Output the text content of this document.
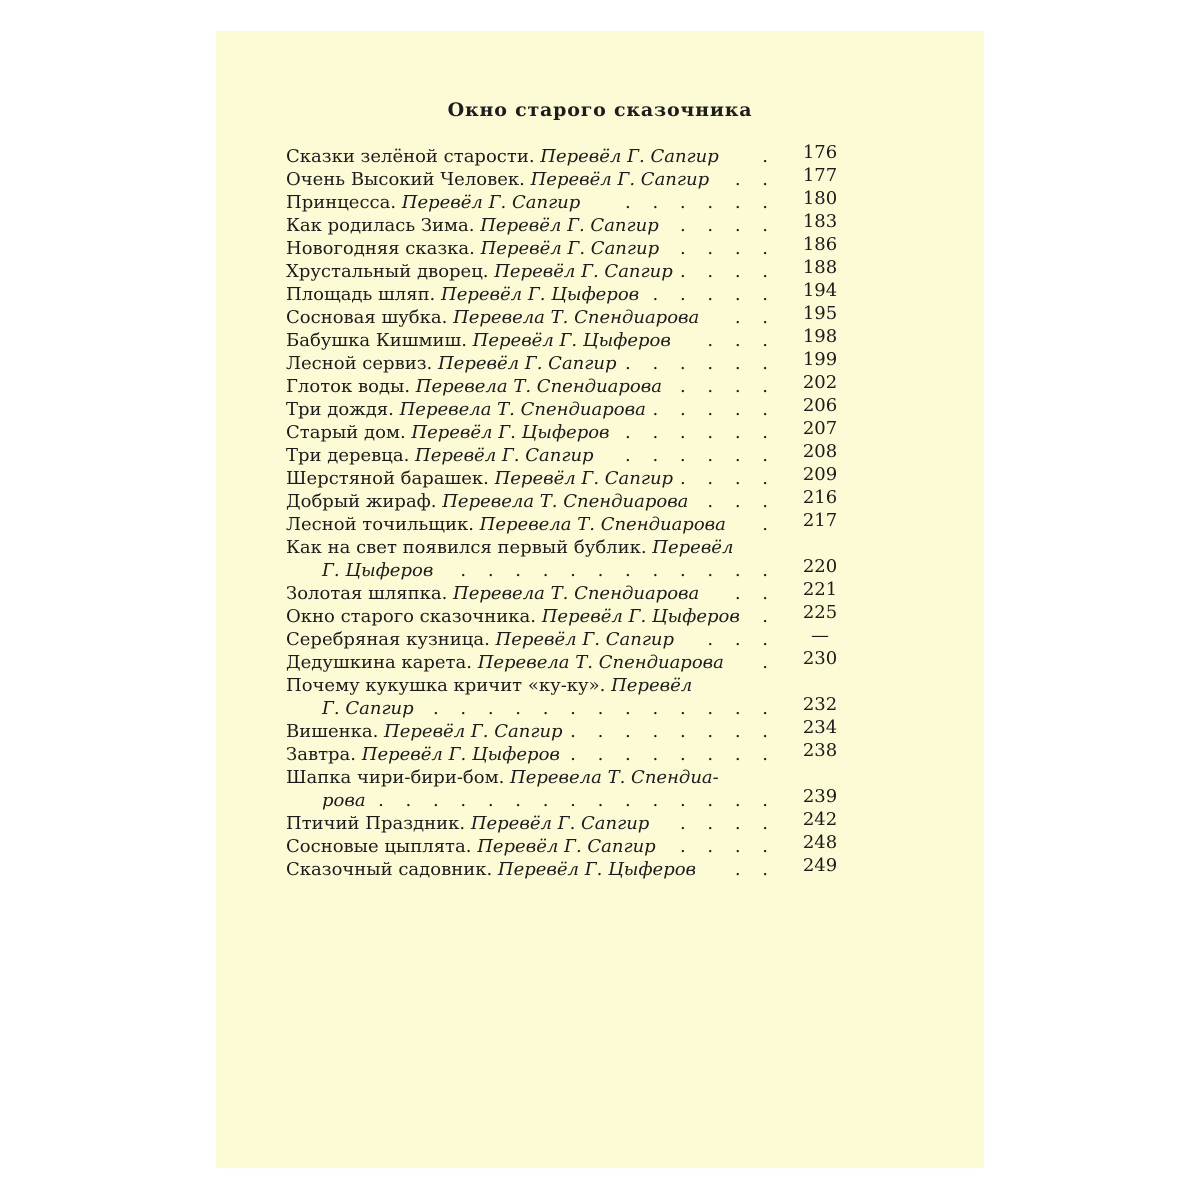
Окно старого сказочника
Сказки зелёной старости. Перевёл Г. Сапгир . 176
Очень Высокий Человек. Перевёл Г. Сапгир . . 177
Принцесса. Перевёл Г. Сапгир . . . . . . 180
Как родилась Зима. Перевёл Г. Сапгир . . . . 183
Новогодняя сказка. Перевёл Г. Сапгир . . . . 186
Хрустальный дворец. Перевёл Г. Сапгир . . . . 188
Площадь шляп. Перевёл Г. Цыферов . . . . . 194
Сосновая шубка. Перевела Т. Спендиарова . . 195
Бабушка Кишмиш. Перевёл Г. Цыферов . . . 198
Лесной сервиз. Перевёл Г. Сапгир . . . . . . 199
Глоток воды. Перевела Т. Спендиарова . . . . 202
Три дождя. Перевела Т. Спендиарова . . . . . 206
Старый дом. Перевёл Г. Цыферов . . . . . . 207
Три деревца. Перевёл Г. Сапгир . . . . . . 208
Шерстяной барашек. Перевёл Г. Сапгир . . . . 209
Добрый жираф. Перевела Т. Спендиарова . . . 216
Лесной точильщик. Перевела Т. Спендиарова . 217
Как на свет появился первый бублик. Перевёл
Г. Цыферов . . . . . . . . . . . . 220
Золотая шляпка. Перевела Т. Спендиарова . . 221
Окно старого сказочника. Перевёл Г. Цыферов . 225
Серебряная кузница. Перевёл Г. Сапгир . . .	—
Дедушкина карета. Перевела Т. Спендиарова . 230
Почему кукушка кричит «ку-ку». Перевёл
Г. Сапгир . . . . . . . . . . . . . 232
Вишенка. Перевёл Г. Сапгир . . . . . . . . 234
Завтра. Перевёл Г. Цыферов . . . . . . . . 238
Шапка чири-бири-бом. Перевела Т. Спендиа-
рова . . . . . . . . . . . . . . . 239
Птичий Праздник. Перевёл Г. Сапгир . . . . 242
Сосновые цыплята. Перевёл Г. Сапгир . . . . 248
Сказочный садовник. Перевёл Г. Цыферов . . 249
